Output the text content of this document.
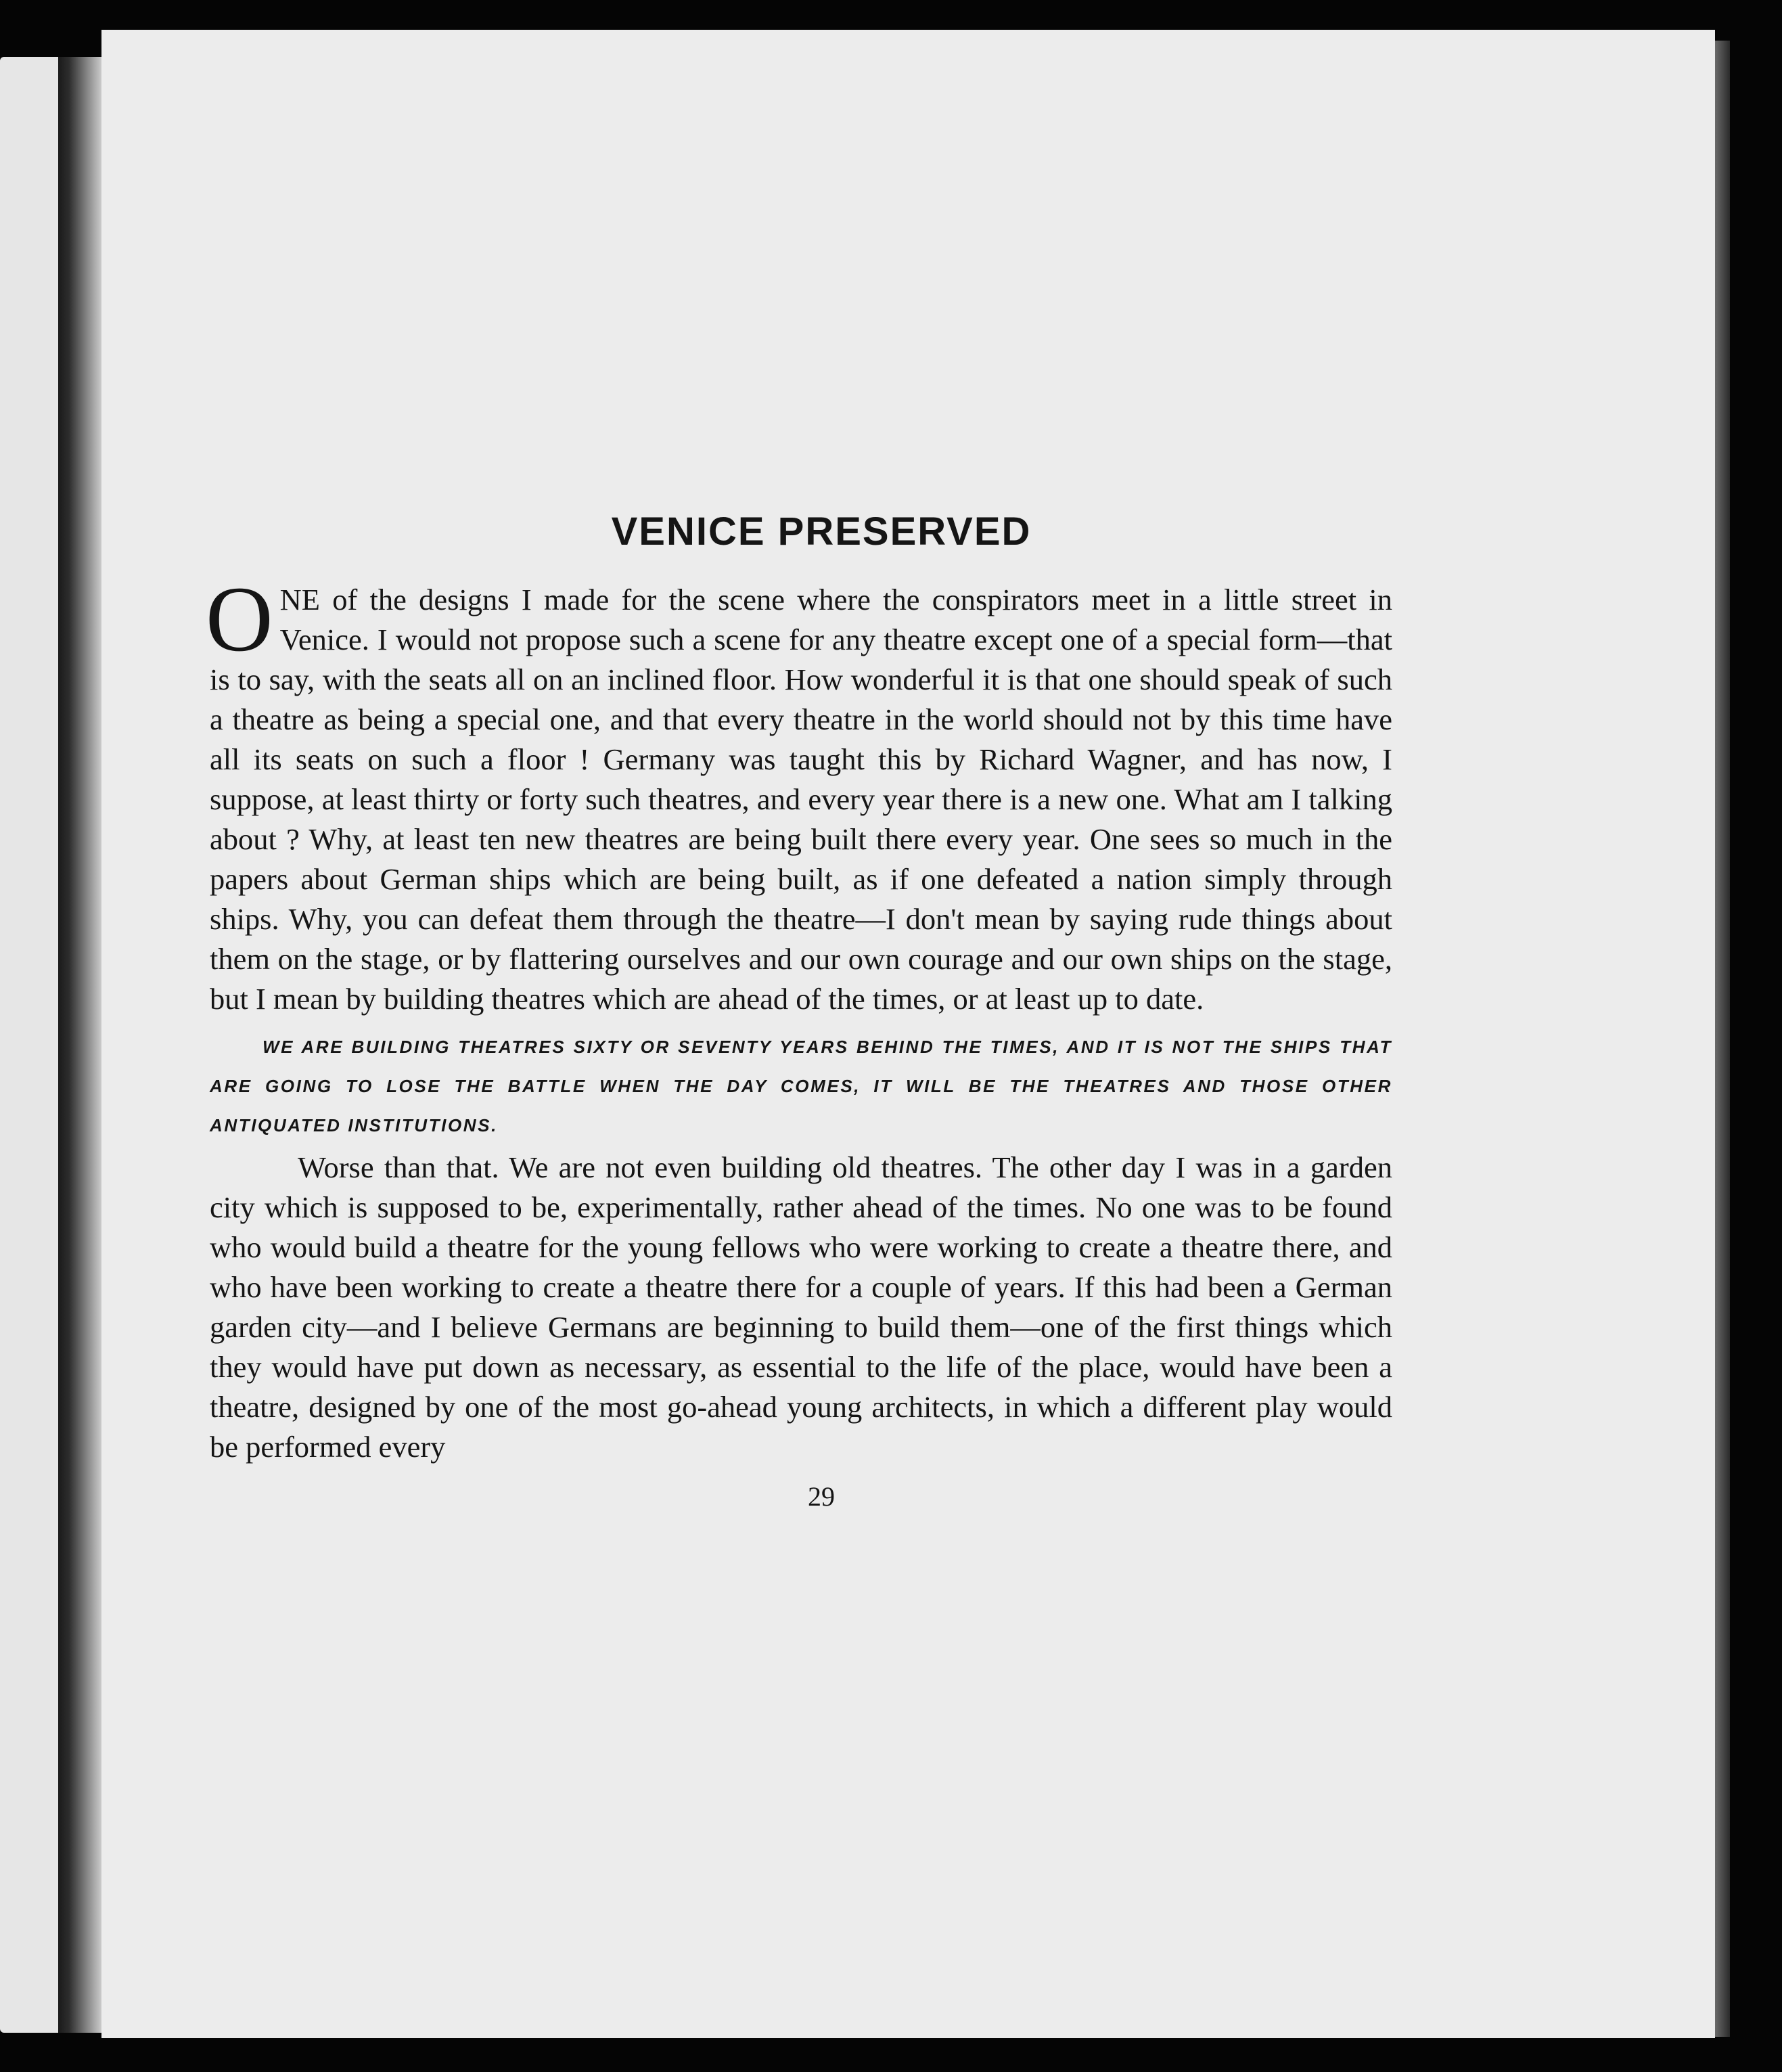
VENICE PRESERVED

ONE of the designs I made for the scene where the conspirators meet in a little street in Venice. I would not propose such a scene for any theatre except one of a special form—that is to say, with the seats all on an inclined floor. How wonderful it is that one should speak of such a theatre as being a special one, and that every theatre in the world should not by this time have all its seats on such a floor ! Germany was taught this by Richard Wagner, and has now, I suppose, at least thirty or forty such theatres, and every year there is a new one. What am I talking about ? Why, at least ten new theatres are being built there every year. One sees so much in the papers about German ships which are being built, as if one defeated a nation simply through ships. Why, you can defeat them through the theatre—I don't mean by saying rude things about them on the stage, or by flattering ourselves and our own courage and our own ships on the stage, but I mean by building theatres which are ahead of the times, or at least up to date.

WE ARE BUILDING THEATRES SIXTY OR SEVENTY YEARS BEHIND THE TIMES, AND IT IS NOT THE SHIPS THAT ARE GOING TO LOSE THE BATTLE WHEN THE DAY COMES, IT WILL BE THE THEATRES AND THOSE OTHER ANTIQUATED INSTITUTIONS.

Worse than that. We are not even building old theatres. The other day I was in a garden city which is supposed to be, experimentally, rather ahead of the times. No one was to be found who would build a theatre for the young fellows who were working to create a theatre there, and who have been working to create a theatre there for a couple of years. If this had been a German garden city—and I believe Germans are beginning to build them—one of the first things which they would have put down as necessary, as essential to the life of the place, would have been a theatre, designed by one of the most go-ahead young architects, in which a different play would be performed every

29
